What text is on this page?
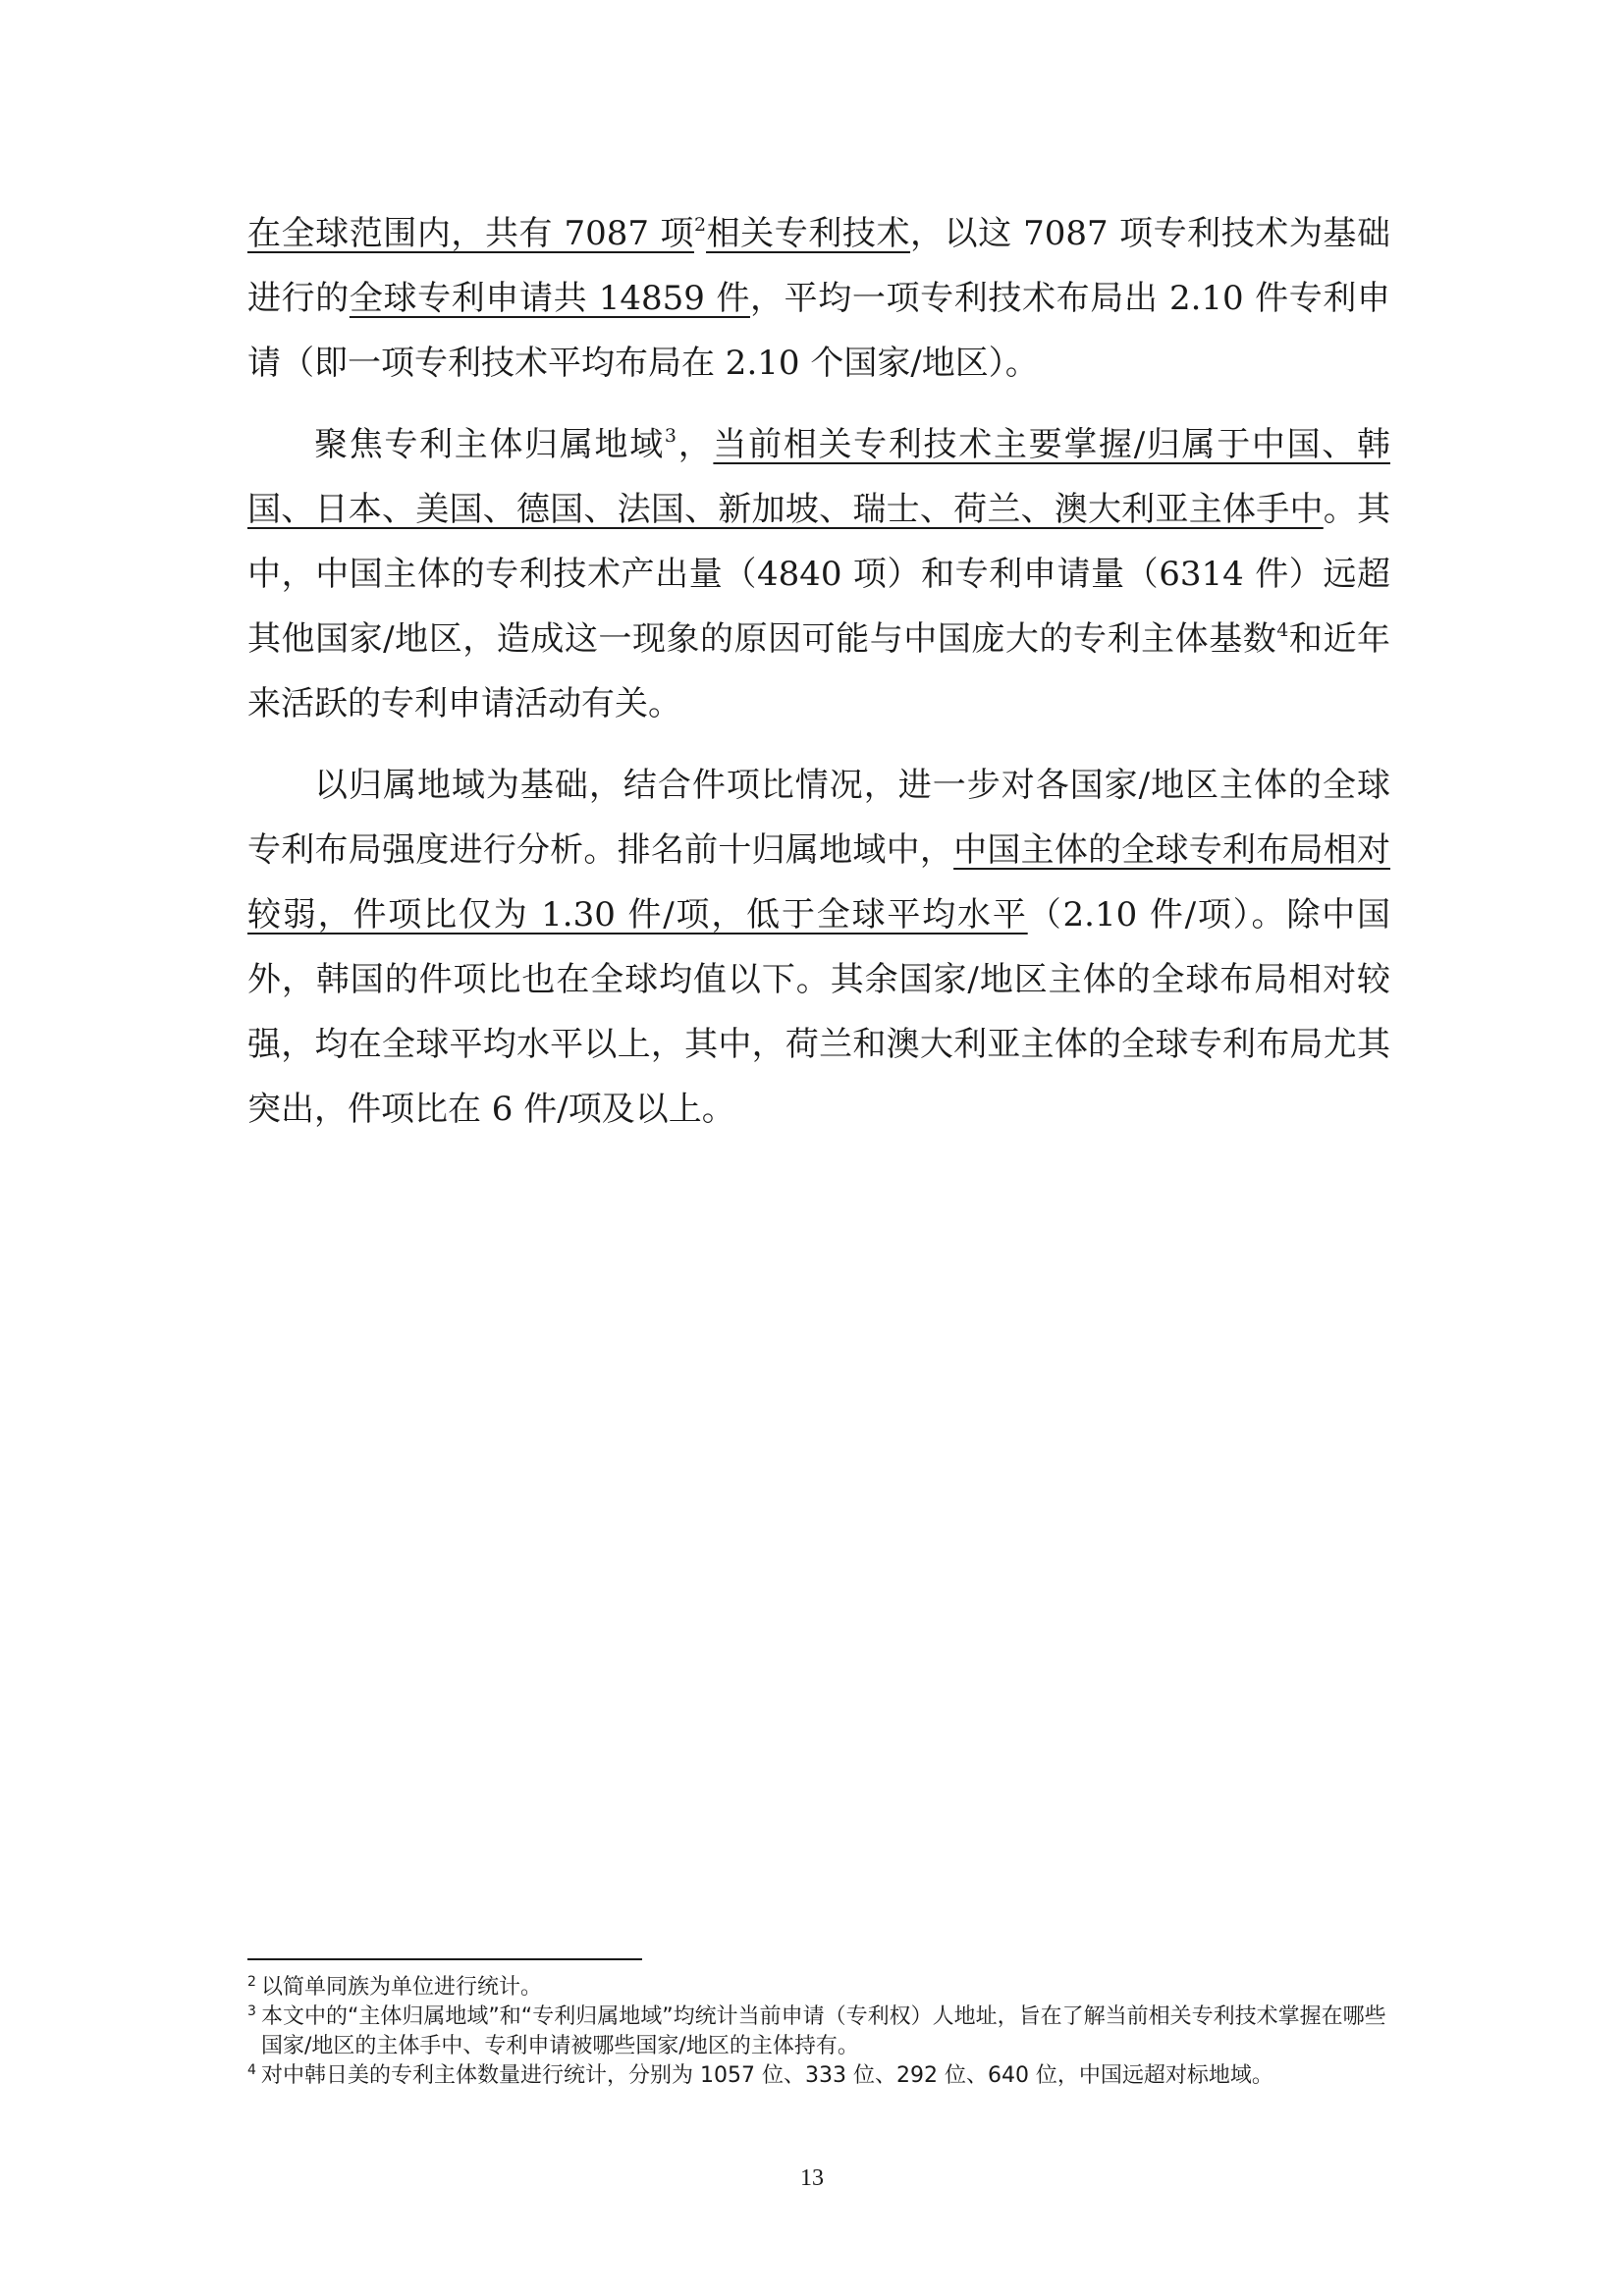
在全球范围内，共有 7087 项$^2$相关专利技术，以这 7087 项专利技术为基础进行的全球专利申请共 14859 件，平均一项专利技术布局出 2.10 件专利申请（即一项专利技术平均布局在 2.10 个国家/地区）。
聚焦专利主体归属地域$^3$，当前相关专利技术主要掌握/归属于中国、韩国、日本、美国、德国、法国、新加坡、瑞士、荷兰、澳大利亚主体手中。其中，中国主体的专利技术产出量（4840 项）和专利申请量（6314 件）远超其他国家/地区，造成这一现象的原因可能与中国庞大的专利主体基数$^4$和近年来活跃的专利申请活动有关。
以归属地域为基础，结合件项比情况，进一步对各国家/地区主体的全球专利布局强度进行分析。排名前十归属地域中，中国主体的全球专利布局相对较弱，件项比仅为 1.30 件/项，低于全球平均水平（2.10 件/项）。除中国外，韩国的件项比也在全球均值以下。其余国家/地区主体的全球布局相对较强，均在全球平均水平以上，其中，荷兰和澳大利亚主体的全球专利布局尤其突出，件项比在 6 件/项及以上。
2 以简单同族为单位进行统计。
3 本文中的“主体归属地域”和“专利归属地域”均统计当前申请（专利权）人地址，旨在了解当前相关专利技术掌握在哪些国家/地区的主体手中、专利申请被哪些国家/地区的主体持有。
4 对中韩日美的专利主体数量进行统计，分别为 1057 位、333 位、292 位、640 位，中国远超对标地域。
13
